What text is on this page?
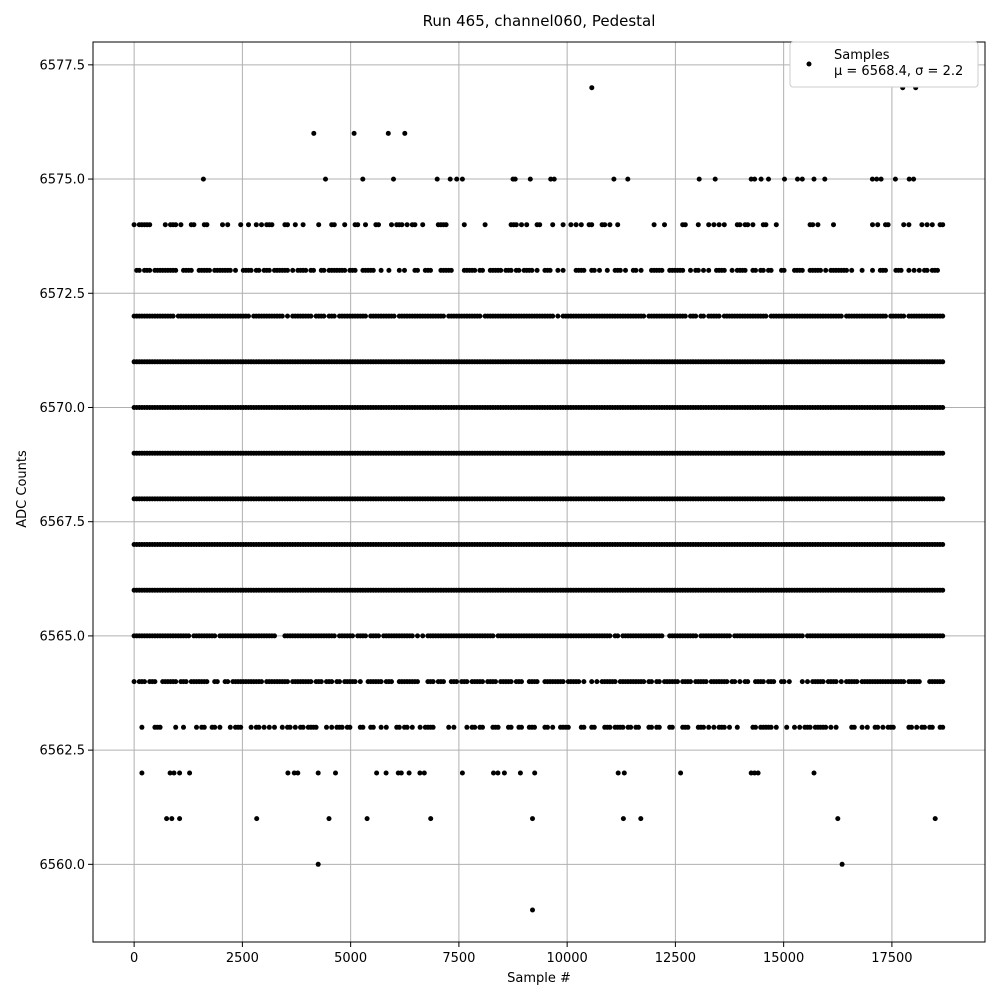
Run 465, channel060, Pedestal
0	2500	5000	7500	10000	12500	15000	17500
6560.0
6562.5
6565.0
6567.5
6570.0
6572.5
6575.0
6577.5
Sample #
ADC Counts
Samples
μ = 6568.4, σ = 2.2
